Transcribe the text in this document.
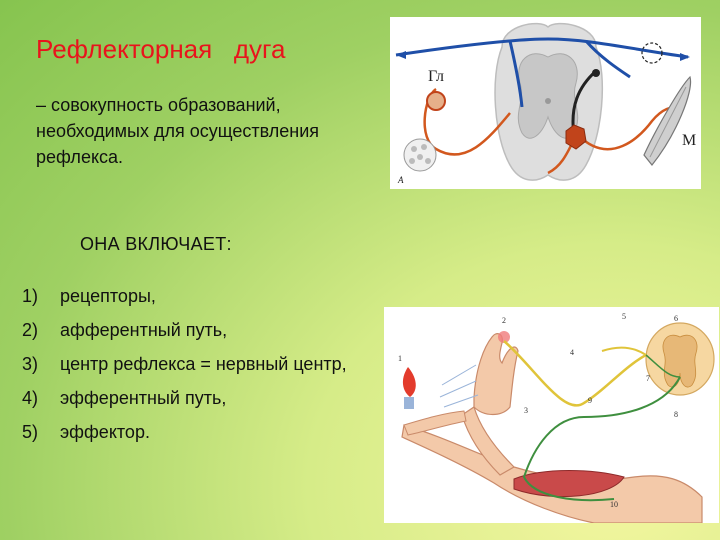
Рефлекторная   дуга

– совокупность образований, необходимых для осуществления рефлекса.

ОНА ВКЛЮЧАЕТ:
1)	рецепторы,
2)	афферентный путь,
3)	центр рефлекса = нервный центр,
4)	эфферентный путь,
5)	эффектор.
Гл
М
А
1
2
3
4
5	6
7
8
9
10
